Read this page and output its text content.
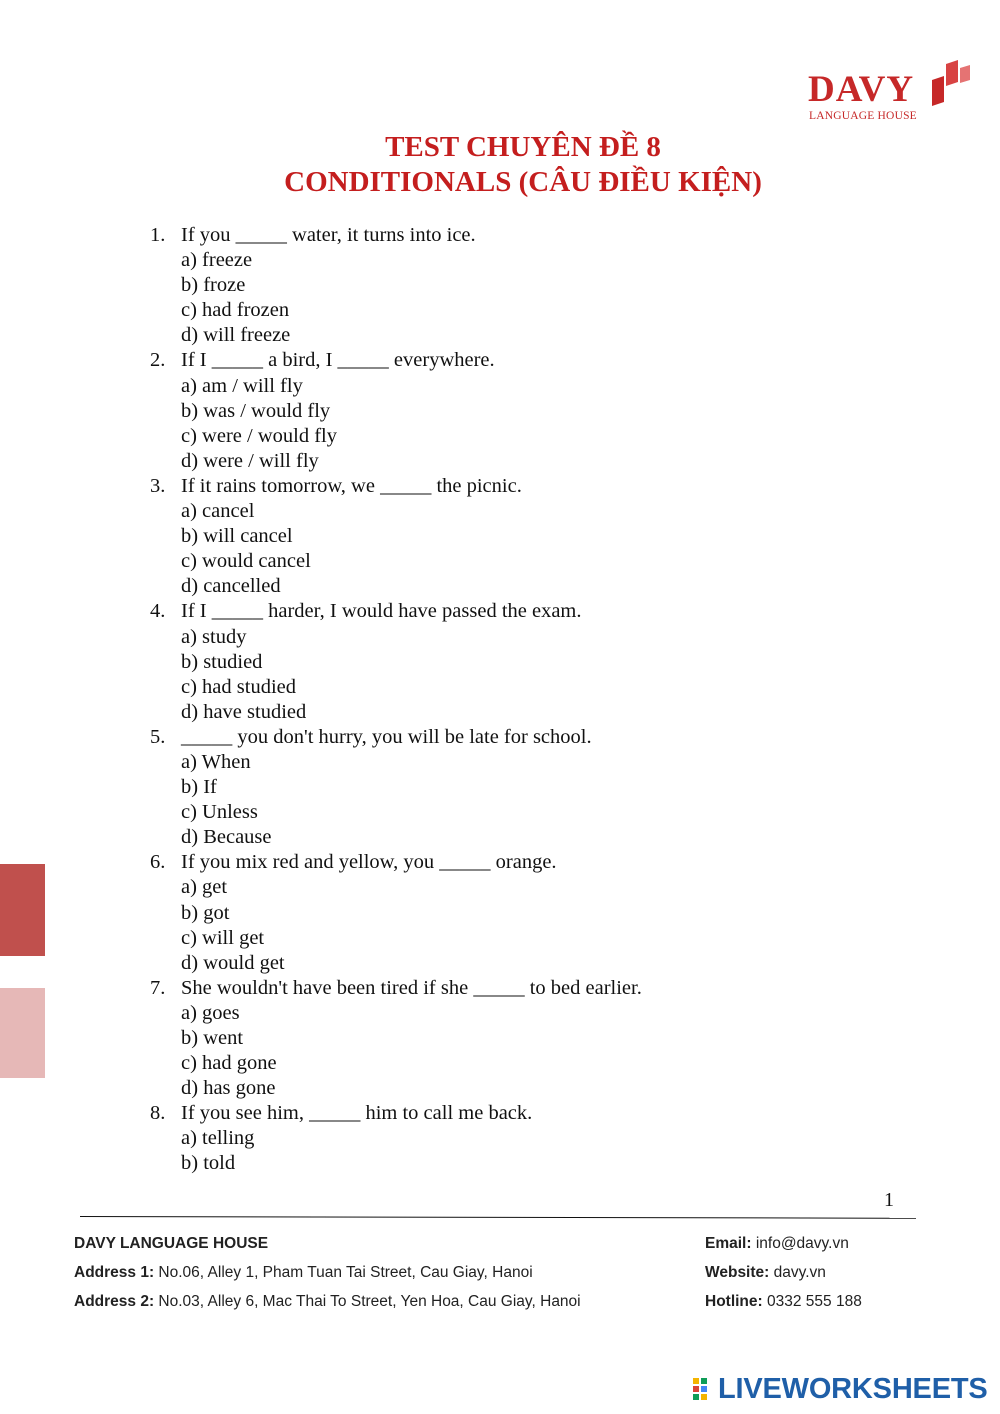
DAVY
LANGUAGE HOUSE
TEST CHUYÊN ĐỀ 8
CONDITIONALS (CÂU ĐIỀU KIỆN)
1. If you _____ water, it turns into ice.
a) freeze
b) froze
c) had frozen
d) will freeze
2. If I _____ a bird, I _____ everywhere.
a) am / will fly
b) was / would fly
c) were / would fly
d) were / will fly
3. If it rains tomorrow, we _____ the picnic.
a) cancel
b) will cancel
c) would cancel
d) cancelled
4. If I _____ harder, I would have passed the exam.
a) study
b) studied
c) had studied
d) have studied
5. _____ you don't hurry, you will be late for school.
a) When
b) If
c) Unless
d) Because
6. If you mix red and yellow, you _____ orange.
a) get
b) got
c) will get
d) would get
7. She wouldn't have been tired if she _____ to bed earlier.
a) goes
b) went
c) had gone
d) has gone
8. If you see him, _____ him to call me back.
a) telling
b) told
1
DAVY LANGUAGE HOUSE
Address 1: No.06, Alley 1, Pham Tuan Tai Street, Cau Giay, Hanoi
Address 2: No.03, Alley 6, Mac Thai To Street, Yen Hoa, Cau Giay, Hanoi
Email: info@davy.vn
Website: davy.vn
Hotline: 0332 555 188
LIVEWORKSHEETS
